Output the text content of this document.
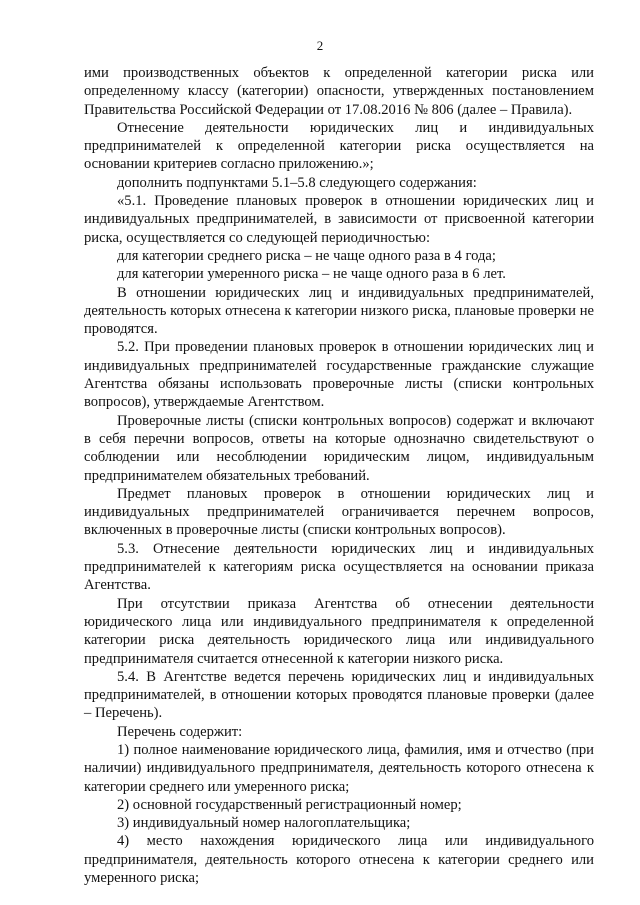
2

ими производственных объектов к определенной категории риска или определенному классу (категории) опасности, утвержденных постановлением Правительства Российской Федерации от 17.08.2016 № 806 (далее – Правила).

Отнесение деятельности юридических лиц и индивидуальных предпринимателей к определенной категории риска осуществляется на основании критериев согласно приложению.»;

дополнить подпунктами 5.1–5.8 следующего содержания:

«5.1. Проведение плановых проверок в отношении юридических лиц и индивидуальных предпринимателей, в зависимости от присвоенной категории риска, осуществляется со следующей периодичностью:

для категории среднего риска – не чаще одного раза в 4 года;

для категории умеренного риска – не чаще одного раза в 6 лет.

В отношении юридических лиц и индивидуальных предпринимателей, деятельность которых отнесена к категории низкого риска, плановые проверки не проводятся.

5.2. При проведении плановых проверок в отношении юридических лиц и индивидуальных предпринимателей государственные гражданские служащие Агентства обязаны использовать проверочные листы (списки контрольных вопросов), утверждаемые Агентством.

Проверочные листы (списки контрольных вопросов) содержат и включают в себя перечни вопросов, ответы на которые однозначно свидетельствуют о соблюдении или несоблюдении юридическим лицом, индивидуальным предпринимателем обязательных требований.

Предмет плановых проверок в отношении юридических лиц и индивидуальных предпринимателей ограничивается перечнем вопросов, включенных в проверочные листы (списки контрольных вопросов).

5.3. Отнесение деятельности юридических лиц и индивидуальных предпринимателей к категориям риска осуществляется на основании приказа Агентства.

При отсутствии приказа Агентства об отнесении деятельности юридического лица или индивидуального предпринимателя к определенной категории риска деятельность юридического лица или индивидуального предпринимателя считается отнесенной к категории низкого риска.

5.4. В Агентстве ведется перечень юридических лиц и индивидуальных предпринимателей, в отношении которых проводятся плановые проверки (далее – Перечень).

Перечень содержит:

1) полное наименование юридического лица, фамилия, имя и отчество (при наличии) индивидуального предпринимателя, деятельность которого отнесена к категории среднего или умеренного риска;

2) основной государственный регистрационный номер;

3) индивидуальный номер налогоплательщика;

4) место нахождения юридического лица или индивидуального предпринимателя, деятельность которого отнесена к категории среднего или умеренного риска;
